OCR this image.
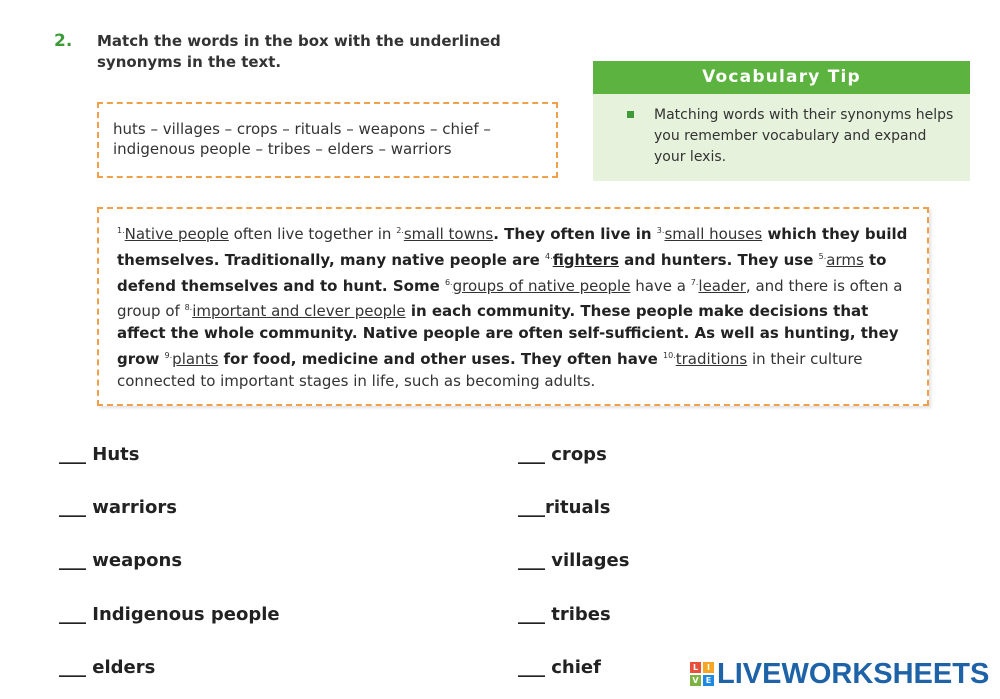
2. Match the words in the box with the underlined synonyms in the text.
huts – villages – crops – rituals – weapons – chief –
indigenous people – tribes – elders – warriors
Vocabulary Tip
Matching words with their synonyms helps you remember vocabulary and expand your lexis.

$^{1.}$Native people often live together in $^{2.}$small towns. They often live in $^{3.}$small houses which they build themselves. Traditionally, many native people are $^{4.}$fighters and hunters. They use $^{5.}$arms to defend themselves and to hunt. Some $^{6.}$groups of native people have a $^{7.}$leader, and there is often a group of $^{8.}$important and clever people in each community. These people make decisions that affect the whole community. Native people are often self-sufficient. As well as hunting, they grow $^{9.}$plants for food, medicine and other uses. They often have $^{10.}$traditions in their culture connected to important stages in life, such as becoming adults.

___ Huts
___ warriors
___ weapons
___ Indigenous people
___ elders
___ crops
___rituals
___ villages
___ tribes
___ chief	L	I
V E LIVEWORKSHEETS
